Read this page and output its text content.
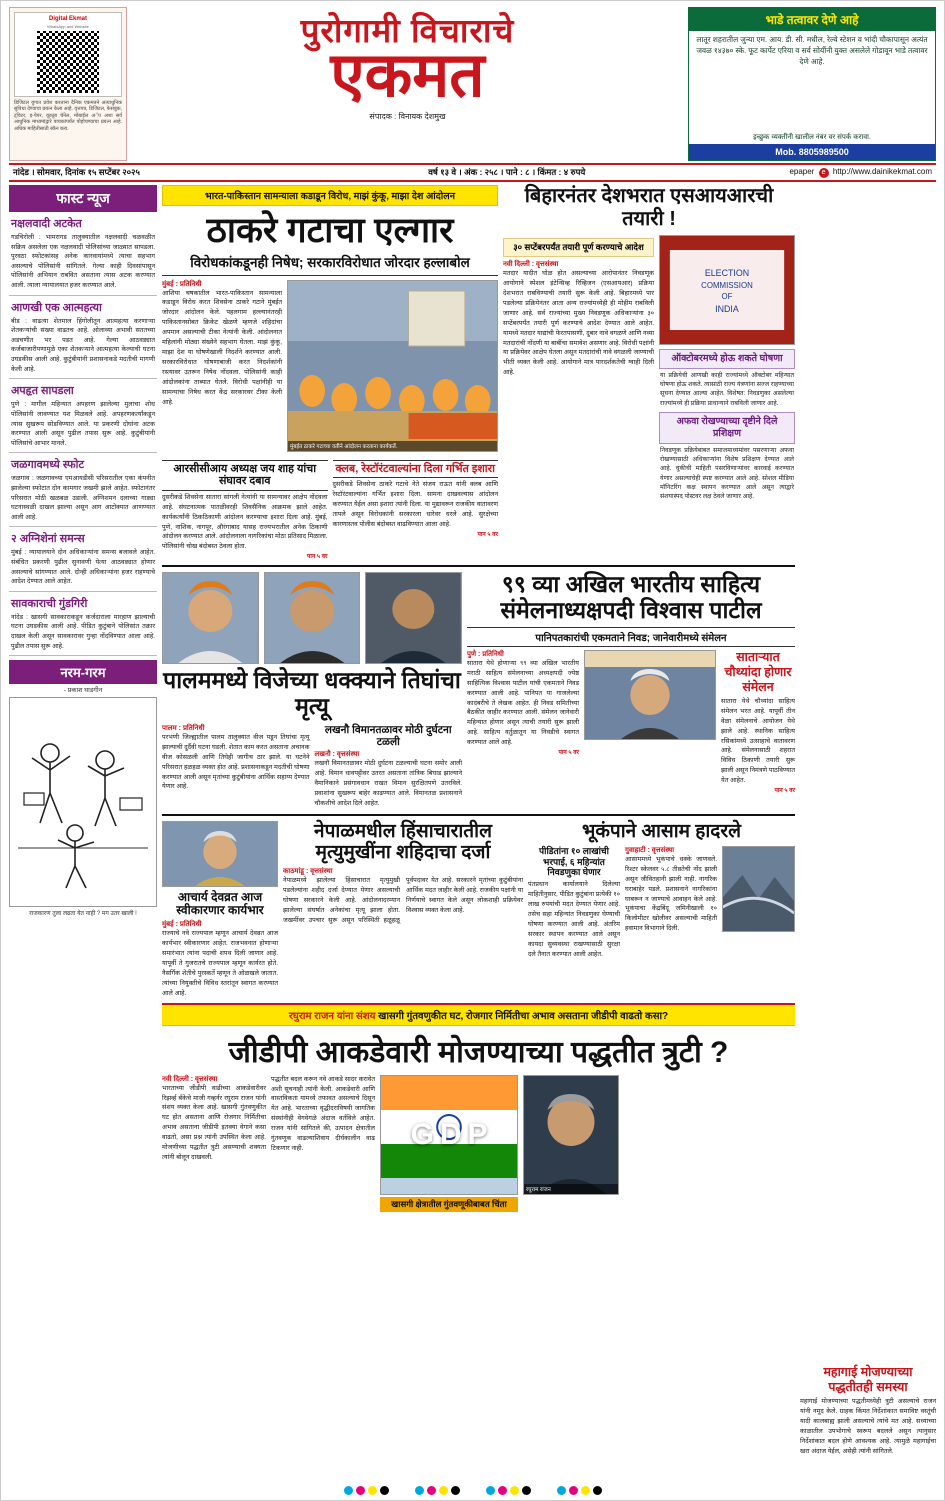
Digital Ekmat
WhatsApp and Website
डिजिटल युगात प्रवेश करताना दैनिक एकमतने अत्याधुनिक सुविधा देण्याचा प्रयत्न केला आहे. वृत्तपत्र, डिजिटल, फेसबुक, ट्विटर, इ-पेपर, यूट्यूब चॅनेल, मोबाईल अॅप अशा सर्व आधुनिक माध्यमांद्वारे वाचकांपर्यंत पोहोचण्याचा प्रयत्न आहे. अधिक माहितीसाठी स्कॅन करा.
पुरोगामी विचाराचे
एकमत
संपादक : विनायक देशमुख
भाडे तत्वावर देणे आहे
लातूर शहरातील जुन्या एम. आय. डी. सी. मधील, रेल्वे स्टेशन व भांदी चौकापासून अत्यंत जवळ १४३७० स्के. फूट कार्पेट एरिया व सर्व सोयींनी युक्त असलेले गोडावून भाडे तत्वावर देणे आहे.
इच्छुक व्यक्तींनी खालील नंबर वर संपर्क करावा.
Mob. 8805989500
नांदेड । सोमवार, दिनांक १५ सप्टेंबर २०२५	वर्ष १३ वे । अंक : २५८ । पाने : ८ । किंमत : ४ रुपये	epaper e http://www.dainikekmat.com
फास्ट न्यूज
नक्षलवादी अटकेत
गडचिरोली : भामरागड तालुक्यातील नक्षलवादी चळवळीत सक्रिय असलेला एक नक्षलवादी पोलिसांच्या जाळ्यात सापडला. पुरवठा स्फोटकांसह अनेक कारवायांमध्ये त्याचा सहभाग असल्याचे पोलिसांनी सांगितले. गेल्या काही दिवसांपासून पोलिसांनी अभियान राबवित असताना त्यास अटक करण्यात आली. त्याला न्यायालयात हजर करण्यात आले.
आणखी एक आत्महत्या
बीड : वाढत्या शेतमाल हिंगोलीतून आत्महत्या करणाऱ्या शेतकऱ्यांची संख्या वाढतच आहे. ओलाव्या अभावी सततच्या अडचणीत भर पडत आहे. गेल्या आठवड्यात कर्जबाजारीपणामुळे एका शेतकऱ्याने आत्महत्या केल्याची घटना उघडकीस आली आहे. कुटुंबीयांनी प्रशासनाकडे मदतीची मागणी केली आहे.
अपहृत सापडला
पुणे : मागील महिन्यात अपहरण झालेल्या मुलाचा शोध पोलिसांनी लावण्यात यश मिळवले आहे. अपहरणकर्त्यांकडून त्यास सुखरूप सोडविण्यात आले. या प्रकरणी दोघांना अटक करण्यात आली असून पुढील तपास सुरू आहे. कुटुंबीयांनी पोलिसांचे आभार मानले.
जळगावमध्ये स्फोट
जळगाव : जळगावच्या एमआयडीसी परिसरातील एका कंपनीत झालेल्या स्फोटात दोन कामगार जखमी झाले आहेत. स्फोटानंतर परिसरात मोठी खळबळ उडाली. अग्निशमन दलाच्या गाड्या घटनास्थळी दाखल झाल्या असून आग आटोक्यात आणण्यात आली आहे.
२ अग्निशेनां समन्स
मुंबई : न्यायालयाने दोन अधिकाऱ्यांना समन्स बजावले आहेत. संबंधित प्रकरणी पुढील सुनावणी येत्या आठवड्यात होणार असल्याचे सांगण्यात आले. दोन्ही अधिकाऱ्यांना हजर राहण्याचे आदेश देण्यात आले आहेत.
सावकाराची गुंडगिरी
नांदेड : खासगी सावकाराकडून कर्जदाराला मारहाण झाल्याची घटना उघडकीस आली आहे. पीडित कुटुंबाने पोलिसांत तक्रार दाखल केली असून सावकारावर गुन्हा नोंदविण्यात आला आहे. पुढील तपास सुरू आहे.
नरम-गरम
- प्रकाश घाडगीन
राजकारण तुला लढता येत नाही ? मग उतर खाली !
भारत-पाकिस्तान सामन्याला कडाडून विरोध, माझं कुंकू, माझा देश आंदोलन
ठाकरे गटाचा एल्गार
विरोधकांकडूनही निषेध; सरकारविरोधात जोरदार हल्लाबोल
मुंबई : प्रतिनिधी
आशिया चषकातील भारत-पाकिस्तान सामन्याला कडाडून विरोध करत शिवसेना ठाकरे गटाने मुंबईत जोरदार आंदोलन केले. पहलगाम हल्ल्यानंतरही पाकिस्तानसोबत क्रिकेट खेळणे म्हणजे शहिदांचा अपमान असल्याची टीका नेत्यांनी केली. आंदोलनात महिलांनी मोठ्या संख्येने सहभाग घेतला. माझं कुंकू, माझा देश या घोषणेखाली निदर्शने करण्यात आली. सरकारविरोधात घोषणाबाजी करत निदर्शकांनी रस्त्यावर उतरून निषेध नोंदवला. पोलिसांनी काही आंदोलकांना ताब्यात घेतले. विरोधी पक्षांनीही या सामन्याचा निषेध करत केंद्र सरकारवर टीका केली आहे.
मुंबईत ठाकरे गटाच्या वतीने आंदोलन करताना कार्यकर्ते.
आरसीसीआय अध्यक्ष जय शाह यांचा संघावर दबाव
दुसरीकडे शिवसेना सातारा सांगली नेत्यांनी या सामन्यावर आक्षेप नोंदवला आहे. संघटनात्मक पातळीवरही शिवसैनिक आक्रमक झाले आहेत. कार्यकर्त्यांनी ठिकठिकाणी आंदोलन करण्याचा इशारा दिला आहे. मुंबई, पुणे, नाशिक, नागपूर, औरंगाबाद यासह राज्यभरातील अनेक ठिकाणी आंदोलन करण्यात आले. आंदोलनाला नागरिकांचा मोठा प्रतिसाद मिळाला. पोलिसांनी चोख बंदोबस्त ठेवला होता.
पान ५ वर
क्लब, रेस्टॉरंटवाल्यांना दिला गर्भित इशारा
दुसरीकडे शिवसेना ठाकरे गटाचे नेते संजय राऊत यांनी क्लब आणि रेस्टॉरंटवाल्यांना गर्भित इशारा दिला. सामना दाखवल्यास आंदोलन करण्यात येईल असा इशारा त्यांनी दिला. या मुद्यावरून राजकीय वातावरण तापले असून विरोधकांनी सरकारला धारेवर धरले आहे. सुरक्षेच्या कारणास्तव पोलीस बंदोबस्त वाढविण्यात आला आहे.
पान ५ वर
बिहारनंतर देशभरात एसआयआरची तयारी !
३० सप्टेंबरपर्यंत तयारी पूर्ण करण्याचे आदेश
नवी दिल्ली : वृत्तसंस्था
मतदार यादीत घोळ होत असल्याच्या आरोपानंतर निवडणूक आयोगाने स्पेशल इंटेन्सिव्ह रिव्हिजन (एसआयआर) प्रक्रिया देशभरात राबविण्याची तयारी सुरू केली आहे. बिहारमध्ये पार पडलेल्या प्रक्रियेनंतर आता अन्य राज्यांमध्येही ही मोहीम राबविली जाणार आहे. सर्व राज्यांच्या मुख्य निवडणूक अधिकाऱ्यांना ३० सप्टेंबरपर्यंत तयारी पूर्ण करण्याचे आदेश देण्यात आले आहेत. यामध्ये मतदार याद्यांची फेरतपासणी, दुबार नावे वगळणे आणि नव्या मतदारांची नोंदणी या बाबींचा समावेश असणार आहे. विरोधी पक्षांनी या प्रक्रियेवर आक्षेप घेतला असून मतदारांची नावे वगळली जाण्याची भीती व्यक्त केली आहे. आयोगाने मात्र पारदर्शकतेची ग्वाही दिली आहे.
ELECTION
COMMISSION
OF
INDIA
ऑक्टोबरमध्ये होऊ शकते घोषणा
या प्रक्रियेची आणखी काही राज्यांमध्ये ऑक्टोबर महिन्यात घोषणा होऊ शकते. त्यासाठी राज्य यंत्रणांना सज्ज राहण्याच्या सूचना देण्यात आल्या आहेत. विशेषत: निवडणुका असलेल्या राज्यांमध्ये ही प्रक्रिया प्राधान्याने राबविली जाणार आहे.
अफवा रोखण्याच्या दृष्टीने दिले प्रशिक्षण
निवडणूक प्रक्रियेबाबत समाजमाध्यमांवर पसरणाऱ्या अफवा रोखण्यासाठी अधिकाऱ्यांना विशेष प्रशिक्षण देण्यात आले आहे. चुकीची माहिती पसरविणाऱ्यांवर कारवाई करण्यात येणार असल्याचेही स्पष्ट करण्यात आले आहे. सोशल मीडिया मॉनिटरिंग कक्ष स्थापन करण्यात आले असून त्याद्वारे संशयास्पद पोस्टवर लक्ष ठेवले जाणार आहे.
पालममध्ये विजेच्या धक्क्याने तिघांचा मृत्यू
पालम : प्रतिनिधी
परभणी जिल्ह्यातील पालम तालुक्यात वीज पडून तिघांचा मृत्यू झाल्याची दुर्दैवी घटना घडली. शेतात काम करत असताना अचानक वीज कोसळली आणि तिघेही जागीच ठार झाले. या घटनेने परिसरात हळहळ व्यक्त होत आहे. प्रशासनाकडून मदतीची घोषणा करण्यात आली असून मृतांच्या कुटुंबीयांना आर्थिक सहाय्य देण्यात येणार आहे.
लखनौ विमानतळावर मोठी दुर्घटना टळली
लखनौ : वृत्तसंस्था
लखनौ विमानतळावर मोठी दुर्घटना टळल्याची घटना समोर आली आहे. विमान धावपट्टीवर उतरत असताना तांत्रिक बिघाड झाल्याने वैमानिकाने प्रसंगावधान राखत विमान सुरक्षितपणे उतरविले. प्रवाशांना सुखरूप बाहेर काढण्यात आले. विमानतळ प्रशासनाने चौकशीचे आदेश दिले आहेत.
९९ व्या अखिल भारतीय साहित्य संमेलनाध्यक्षपदी विश्वास पाटील
पानिपतकारांची एकमताने निवड; जानेवारीमध्ये संमेलन
पुणे : प्रतिनिधी
सातारा येथे होणाऱ्या ९९ व्या अखिल भारतीय मराठी साहित्य संमेलनाच्या अध्यक्षपदी ज्येष्ठ साहित्यिक विश्वास पाटील यांची एकमताने निवड करण्यात आली आहे. पानिपत या गाजलेल्या कादंबरीचे ते लेखक आहेत. ही निवड समितीच्या बैठकीत जाहीर करण्यात आली. संमेलन जानेवारी महिन्यात होणार असून त्याची तयारी सुरू झाली आहे. साहित्य वर्तुळातून या निवडीचे स्वागत करण्यात आले आहे.
पान ५ वर
साताऱ्यात चौथ्यांदा होणार संमेलन
सातारा येथे चौथ्यांदा साहित्य संमेलन भरत आहे. यापूर्वी तीन वेळा संमेलनाचे आयोजन येथे झाले आहे. स्थानिक साहित्य रसिकांमध्ये उत्साहाचे वातावरण आहे. संमेलनासाठी शहरात विविध ठिकाणी तयारी सुरू झाली असून निमंत्रणे पाठविण्यात येत आहेत.
पान ५ वर
आचार्य देवव्रत आज स्वीकारणार कार्यभार
मुंबई : प्रतिनिधी
राज्याचे नवे राज्यपाल म्हणून आचार्य देवव्रत आज कार्यभार स्वीकारणार आहेत. राजभवनात होणाऱ्या समारंभात त्यांना पदाची शपथ दिली जाणार आहे. यापूर्वी ते गुजरातचे राज्यपाल म्हणून कार्यरत होते. नैसर्गिक शेतीचे पुरस्कर्ते म्हणून ते ओळखले जातात. त्यांच्या नियुक्तीचे विविध स्तरांतून स्वागत करण्यात आले आहे.
नेपाळमधील हिंसाचारातील मृत्युमुखींना शहिदाचा दर्जा
काठमांडू : वृत्तसंस्था
नेपाळमध्ये झालेल्या हिंसाचारात मृत्युमुखी पडलेल्यांना शहीद दर्जा देण्यात येणार असल्याची घोषणा सरकारने केली आहे. आंदोलनादरम्यान झालेल्या संघर्षात अनेकांचा मृत्यू झाला होता. जखमींवर उपचार सुरू असून परिस्थिती हळूहळू पूर्वपदावर येत आहे. सरकारने मृतांच्या कुटुंबीयांना आर्थिक मदत जाहीर केली आहे. राजकीय पक्षांनी या निर्णयाचे स्वागत केले असून लोकशाही प्रक्रियेवर विश्वास व्यक्त केला आहे.
भूकंपाने आसाम हादरले
पीडितांना १० लाखांची भरपाई, ६ महिन्यांत निवडणुका घेणार
पंतप्रधान कार्यालयाने दिलेल्या माहितीनुसार, पीडित कुटुंबांना प्रत्येकी १० लाख रुपयांची मदत देण्यात येणार आहे. तसेच सहा महिन्यांत निवडणुका घेण्याची घोषणा करण्यात आली आहे. अंतरिम सरकार स्थापन करण्यात आले असून कायदा सुव्यवस्था राखण्यासाठी सुरक्षा दले तैनात करण्यात आली आहेत.
गुवाहाटी : वृत्तसंस्था
आसाममध्ये भूकंपाचे धक्के जाणवले. रिश्टर स्केलवर ५.८ तीव्रतेची नोंद झाली असून जीवितहानी झाली नाही. नागरिक घराबाहेर पडले. प्रशासनाने नागरिकांना घाबरून न जाण्याचे आवाहन केले आहे. भूकंपाचा केंद्रबिंदू जमिनीखाली १० किलोमीटर खोलीवर असल्याची माहिती हवामान विभागाने दिली.
रघुराम राजन यांना संशय खासगी गुंतवणुकीत घट, रोजगार निर्मितीचा अभाव असताना जीडीपी वाढतो कसा?
जीडीपी आकडेवारी मोजण्याच्या पद्धतीत त्रुटी ?
नवी दिल्ली : वृत्तसंस्था
भारताच्या जीडीपी वाढीच्या आकडेवारीवर रिझर्व्ह बँकेचे माजी गव्हर्नर रघुराम राजन यांनी संशय व्यक्त केला आहे. खासगी गुंतवणुकीत घट होत असताना आणि रोजगार निर्मितीचा अभाव असताना जीडीपी इतक्या वेगाने कसा वाढतो, असा प्रश्न त्यांनी उपस्थित केला आहे. मोजणीच्या पद्धतीत त्रुटी असण्याची शक्यता त्यांनी बोलून दाखवली.
पद्धतीत बदल करून नवे आकडे सादर करावेत अशी सूचनाही त्यांनी केली. आकडेवारी आणि वास्तविकता यामध्ये तफावत असल्याचे दिसून येत आहे. भारताच्या वृद्धीदराविषयी जागतिक संस्थांनीही वेगवेगळे अंदाज वर्तविले आहेत. राजन यांनी सांगितले की, उत्पादन क्षेत्रातील गुंतवणूक वाढल्याशिवाय दीर्घकालीन वाढ टिकणार नाही.	G D P
खासगी क्षेत्रातील गुंतवणूकीबाबत चिंता
रघुराम राजन
महागाई मोजण्याच्या पद्धतीतही समस्या
महागाई मोजण्याच्या पद्धतीमध्येही त्रुटी असल्याचे राजन यांनी नमूद केले. ग्राहक किंमत निर्देशांकात समाविष्ट वस्तूंची यादी कालबाह्य झाली असल्याचे त्यांचे मत आहे. सध्याच्या काळातील उपभोगाचे स्वरूप बदलले असून त्यानुसार निर्देशांकात बदल होणे आवश्यक आहे. त्यामुळे महागाईचा खरा अंदाज येईल, असेही त्यांनी सांगितले.
